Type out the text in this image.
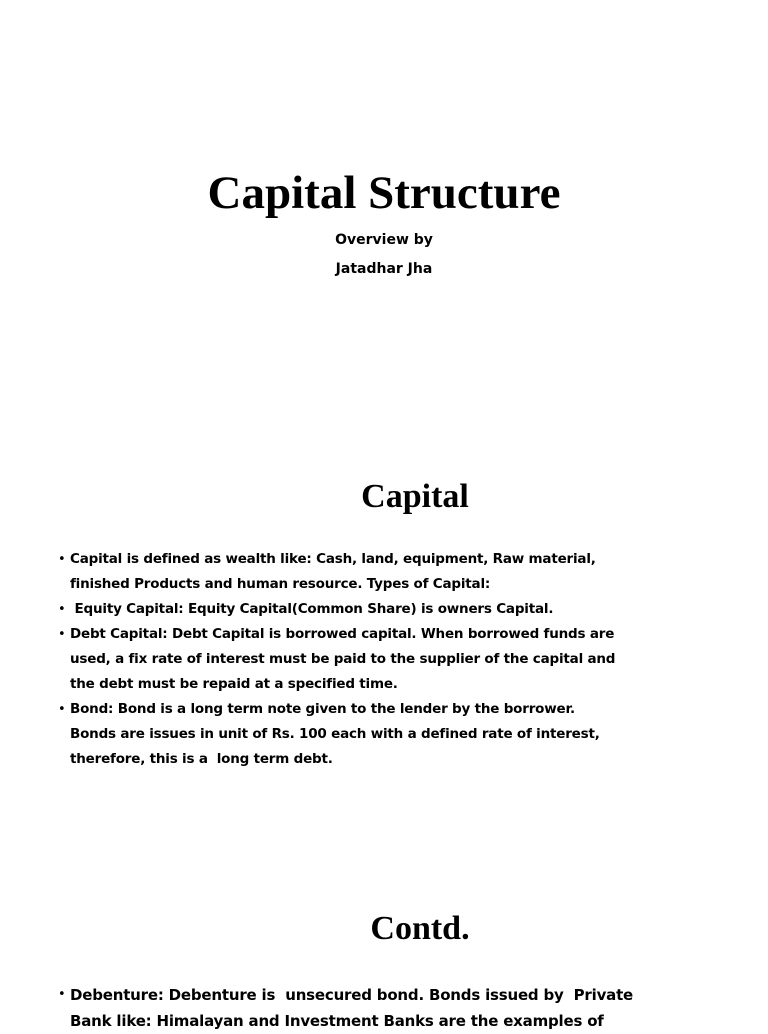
Capital Structure

Overview by

Jatadhar Jha

Capital
• Capital is defined as wealth like: Cash, land, equipment, Raw material,
finished Products and human resource. Types of Capital:
•  Equity Capital: Equity Capital(Common Share) is owners Capital.
• Debt Capital: Debt Capital is borrowed capital. When borrowed funds are
used, a fix rate of interest must be paid to the supplier of the capital and
the debt must be repaid at a specified time.
• Bond: Bond is a long term note given to the lender by the borrower.
Bonds are issues in unit of Rs. 100 each with a defined rate of interest,
therefore, this is a  long term debt.
Contd.
• Debenture: Debenture is  unsecured bond. Bonds issued by  Private
Bank like: Himalayan and Investment Banks are the examples of
